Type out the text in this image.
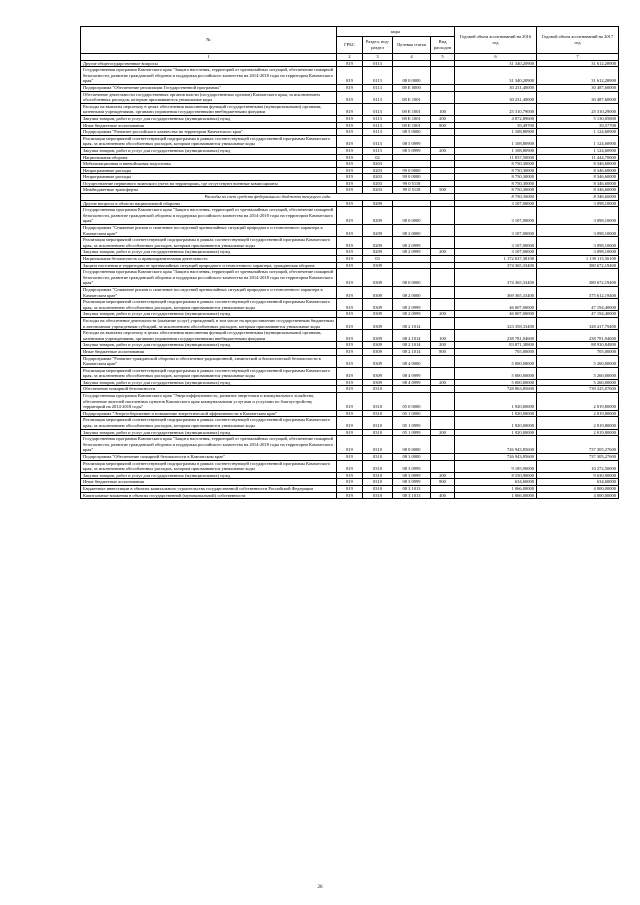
№	коды				Годовой объем ассигнований на 2016 год	Годовой объем ассигнований на 2017 год
	ГРБС	Раздел, под-раздел	Целевая статья	Вид расходов		
1	2	3	4	5	6	7
Другие общегосударственные вопросы	819	0113			31 340,20900	31 612,28900
Государственная программа Камчатского края "Защита населения, территорий от чрезвычайных ситуаций, обеспечение пожарной безопасности, развитие гражданской обороны и поддержка российского казачества на 2014-2018 годы на территории Камчатского края"	819	0113	08 0 0000		31 340,20900	31 612,28900
Подпрограмма "Обеспечение реализации Государственной программы"	819	0113	08 Е 0000		30 231,40000	30 487,60000
Обеспечение деятельности государственных органов власти (государственных органов) Камчатского края, за исключением обособленных расходов, которым присваиваются уникальные коды	819	0113	08 Е 1001		30 231,40000	30 487,60000
Расходы на выплаты персоналу в целях обеспечения выполнения функций государственными (муниципальными) органами, казенными учреждениями, органами управления государственными внебюджетными фондами	819	0113	08 Е 1001	100	25 310,79000	25 310,29000
Закупка товаров, работ и услуг для государственных (муниципальных) нужд	819	0113	08 Е 1001	200	4 872,89600	5 130,05800
Иные бюджетные ассигнования	819	0113	08 Е 1001	800	39,49700	39,57700
Подпрограмма "Развитие российского казачества на территории Камчатского края"	819	0113	08 5 0000		1 108,80900	1 124,60900
Реализация мероприятий соответствующей подпрограммы в рамках соответствующей государственной программы Камчатского края, за исключением обособленных расходов, которым присваиваются уникальные коды	819	0113	08 5 0999		1 108,80900	1 124,60900
Закупка товаров, работ и услуг для государственных (муниципальных) нужд	819	0113	08 5 0999	200	1 108,80900	1 124,60900
Национальная оборона	819	02			11 837,50000	11 444,70000
Мобилизационная и вневойсковая подготовка	819	0203			8 750,30000	8 346,60000
Непрограммные расходы	819	0203	99 0 0000		8 750,30000	8 346,60000
Непрограммные расходы	819	0203	99 0 0000		8 750,30000	8 346,60000
Осуществление первичного воинского учета на территориях, где отсутствуют военные комиссариаты	819	0203	99 0 5118		8 750,30000	8 346,60000
Межбюджетные трансферты	819	0203	99 0 5118	500	8 750,30000	8 346,60000
Расходы за счет средств федерального бюджета текущего года					8 750,30000	8 346,60000
Другие вопросы в области национальной обороны	819	0209			3 107,00000	3 098,10000
Государственная программа Камчатского края "Защита населения, территорий от чрезвычайных ситуаций, обеспечение пожарной безопасности, развитие гражданской обороны и поддержка российского казачества на 2014-2018 годы на территории Камчатского края"	819	0209	08 0 0000		3 107,00000	3 098,10000
Подпрограмма "Снижение рисков и смягчение последствий чрезвычайных ситуаций природного и техногенного характера в Камчатском крае"	819	0209	08 2 0000		3 107,00000	3 098,10000
Реализация мероприятий соответствующей подпрограммы в рамках соответствующей государственной программы Камчатского края, за исключением обособленных расходов, которым присваиваются уникальные коды	819	0209	08 2 0999		3 107,00000	3 098,10000
Закупка товаров, работ и услуг для государственных (муниципальных) нужд	819	0209	08 2 0999	200	3 107,00000	3 098,10000
Национальная безопасность и правоохранительная деятельность	819	03			1 172 637,38100	1 139 115,56100
Защита населения и территории от чрезвычайных ситуаций природного и техногенного характера, гражданская оборона	819	0309			374 365,33400	380 672,19400
Государственная программа Камчатского края "Защита населения, территорий от чрезвычайных ситуаций, обеспечение пожарной безопасности, развитие гражданской обороны и поддержка российского казачества на 2014-2018 годы на территории Камчатского края"	819	0309	08 0 0000		374 365,33400	380 672,19400
Подпрограмма "Снижение рисков и смягчение последствий чрезвычайных ситуаций природного и техногенного характера в Камчатском крае"	819	0309	08 2 0000		369 365,33400	375 612,19400
Реализация мероприятий соответствующей подпрограммы в рамках соответствующей государственной программы Камчатского края, за исключением обособленных расходов, которым присваиваются уникальные коды	819	0309	08 2 0999		46 007,00000	47 194,40000
Закупка товаров, работ и услуг для государственных (муниципальных) нужд	819	0309	08 2 0999	200	46 007,00000	47 194,40000
Расходы на обеспечение деятельности (оказание услуг) учреждений, в том числе на предоставление государственным бюджетным и автономным учреждениям субсидий, за исключением обособленных расходов, которым присваиваются уникальные коды	819	0309	08 2 1014		323 358,33400	328 417,79400
Расходы на выплаты персоналу в целях обеспечения выполнения функций государственными (муниципальными) органами, казенными учреждениями, органами управления государственными внебюджетными фондами	819	0309	08 2 1014	100	238 781,94600	238 781,94600
Закупка товаров, работ и услуг для государственных (муниципальных) нужд	819	0309	08 2 1014	200	83 871,38800	88 930,84800
Иные бюджетные ассигнования	819	0309	08 2 1014	800	705,00000	705,00000
Подпрограмма "Развитие гражданской обороны и обеспечение радиационной, химической и биологической безопасности в Камчатском крае"	819	0309	08 4 0000		5 000,00000	5 260,00000
Реализация мероприятий соответствующей подпрограммы в рамках соответствующей государственной программы Камчатского края, за исключением обособленных расходов, которым присваиваются уникальные коды	819	0309	08 4 0999		5 000,00000	5 260,00000
Закупка товаров, работ и услуг для государственных (муниципальных) нужд	819	0309	08 4 0999	200	5 000,00000	5 260,00000
Обеспечение пожарной безопасности	819	0310			728 863,85600	739 325,07600
Государственная программа Камчатского края "Энергоэффективность, развитие энергетики и коммунального хозяйства, обеспечение жителей населенных пунктов Камчатского края коммунальными услугами и услугами по благоустройству территорий на 2014-2018 годы"	819	0310	05 0 0000		1 920,00000	2 019,80000
Подпрограмма "Энергосбережение и повышение энергетической эффективности в Камчатском крае"	819	0310	05 1 0000		1 920,00000	2 019,80000
Реализация мероприятий соответствующей подпрограммы в рамках соответствующей государственной программы Камчатского края, за исключением обособленных расходов, которым присваиваются уникальные коды	819	0310	05 1 0999		1 920,00000	2 019,80000
Закупка товаров, работ и услуг для государственных (муниципальных) нужд	819	0310	05 1 0999	200	1 920,00000	2 019,80000
Государственная программа Камчатского края "Защита населения, территорий от чрезвычайных ситуаций, обеспечение пожарной безопасности, развитие гражданской обороны и поддержка российского казачества на 2014-2018 годы на территории Камчатского края"	819	0310	08 0 0000		726 943,85600	737 305,27600
Подпрограмма "Обеспечение пожарной безопасности в Камчатском крае"	819	0310	08 3 0000		726 943,85600	737 305,27600
Реализация мероприятий соответствующей подпрограммы в рамках соответствующей государственной программы Камчатского края, за исключением обособленных расходов, которым присваиваются уникальные коды	819	0310	08 3 0999		9 185,90000	10 272,50000
Закупка товаров, работ и услуг для государственных (муниципальных) нужд	819	0310	08 3 0999	200	8 550,90000	9 630,90000
Иные бюджетные ассигнования	819	0310	08 3 0999	800	634,60000	634,60000
Бюджетные инвестиции в объекты капитального строительства государственной собственности Российской Федерации	819	0310	08 3 1013		1 066,00000	4 000,00000
Капитальные вложения в объекты государственной (муниципальной) собственности	819	0310	08 3 1013	400	1 066,00000	4 000,00000
26
